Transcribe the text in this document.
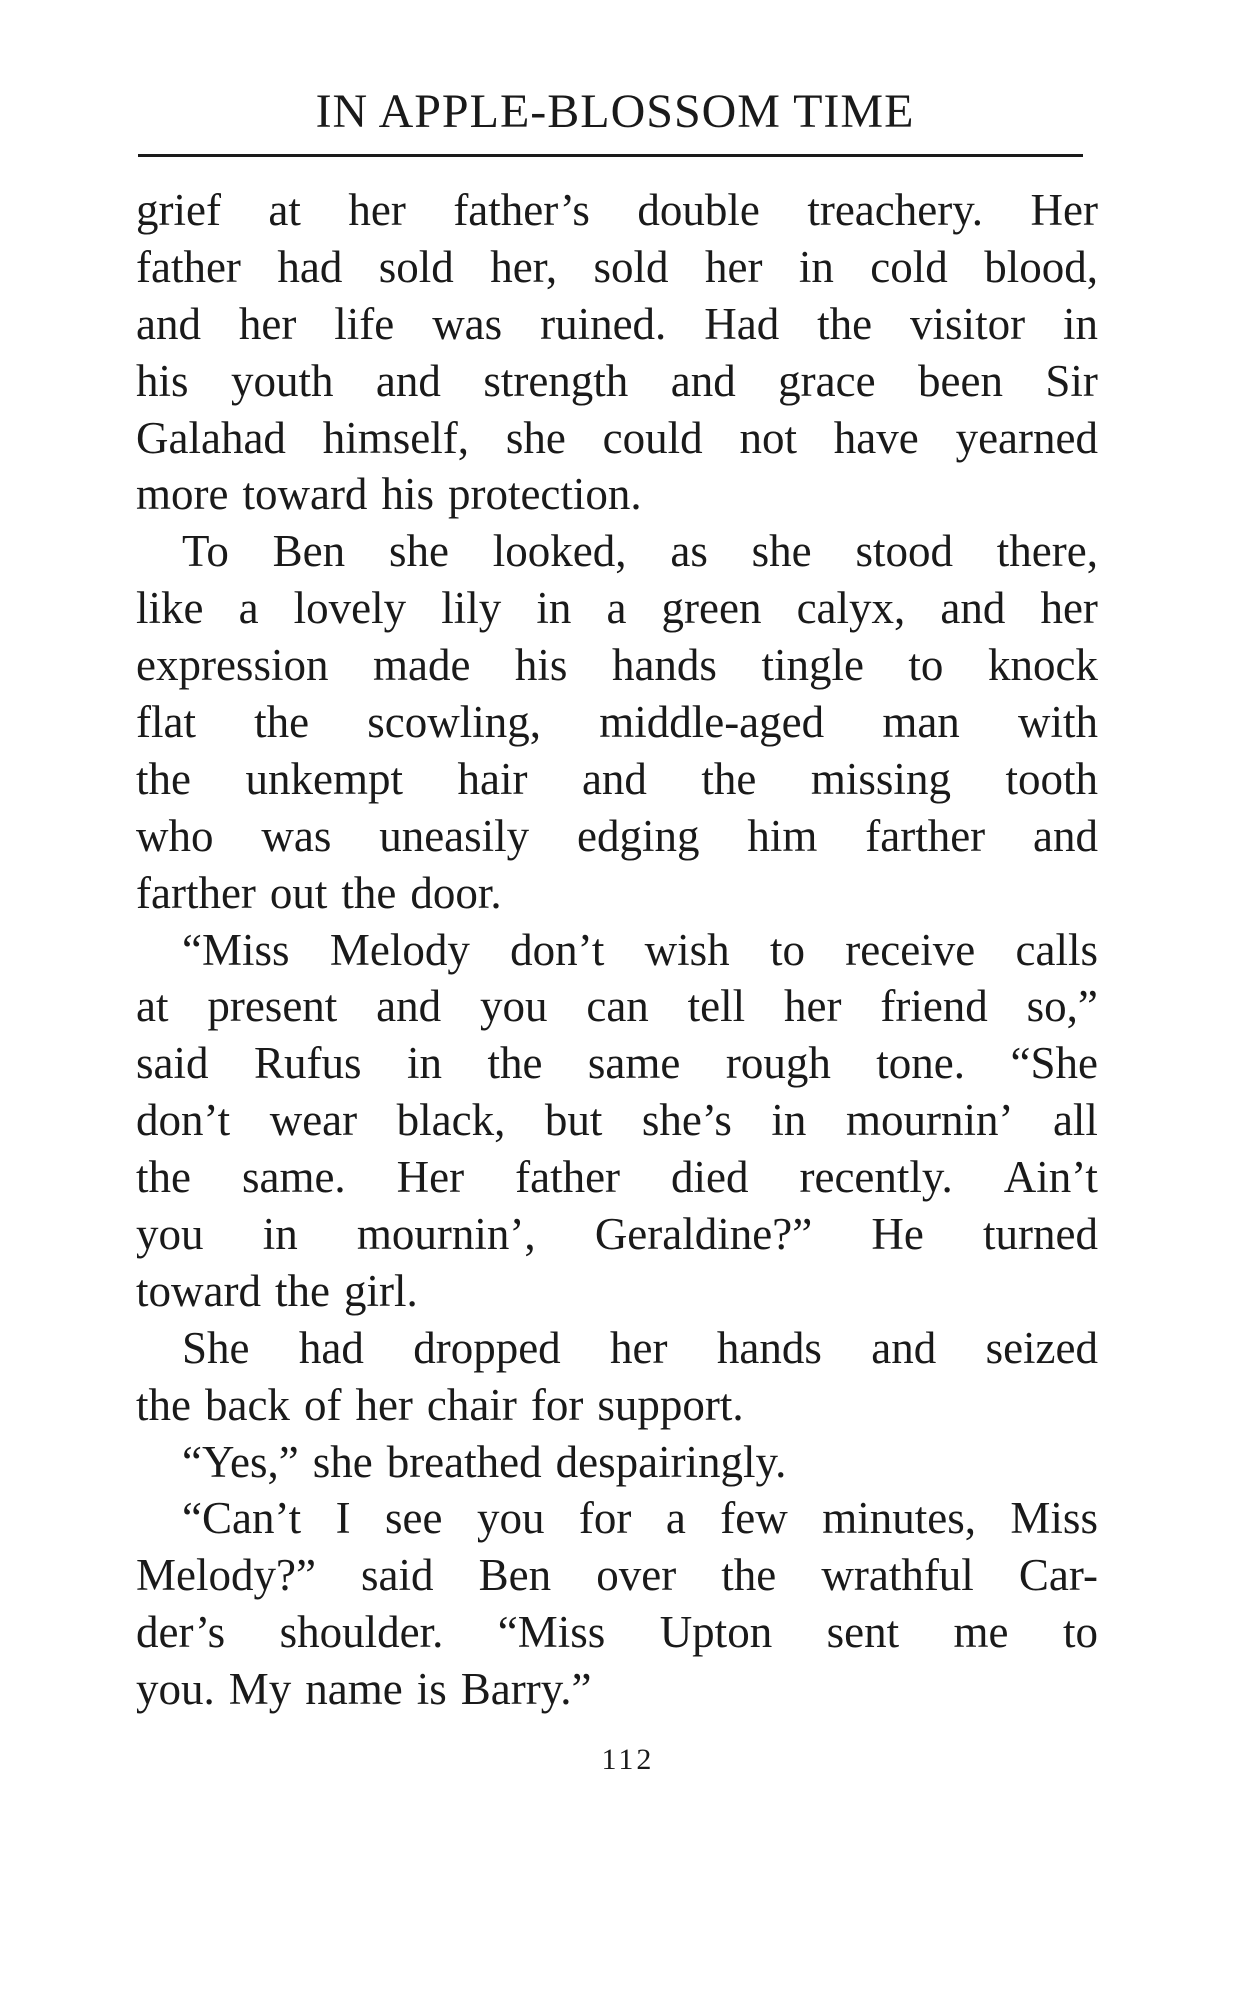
IN APPLE-BLOSSOM TIME
grief at her father’s double treachery. Her
father had sold her, sold her in cold blood,
and her life was ruined. Had the visitor in
his youth and strength and grace been Sir
Galahad himself, she could not have yearned
more toward his protection.
To Ben she looked, as she stood there,
like a lovely lily in a green calyx, and her
expression made his hands tingle to knock
flat the scowling, middle-aged man with
the unkempt hair and the missing tooth
who was uneasily edging him farther and
farther out the door.
“Miss Melody don’t wish to receive calls
at present and you can tell her friend so,”
said Rufus in the same rough tone. “She
don’t wear black, but she’s in mournin’ all
the same. Her father died recently. Ain’t
you in mournin’, Geraldine?” He turned
toward the girl.
She had dropped her hands and seized
the back of her chair for support.
“Yes,” she breathed despairingly.
“Can’t I see you for a few minutes, Miss
Melody?” said Ben over the wrathful Car-
der’s shoulder. “Miss Upton sent me to
you. My name is Barry.”
112
